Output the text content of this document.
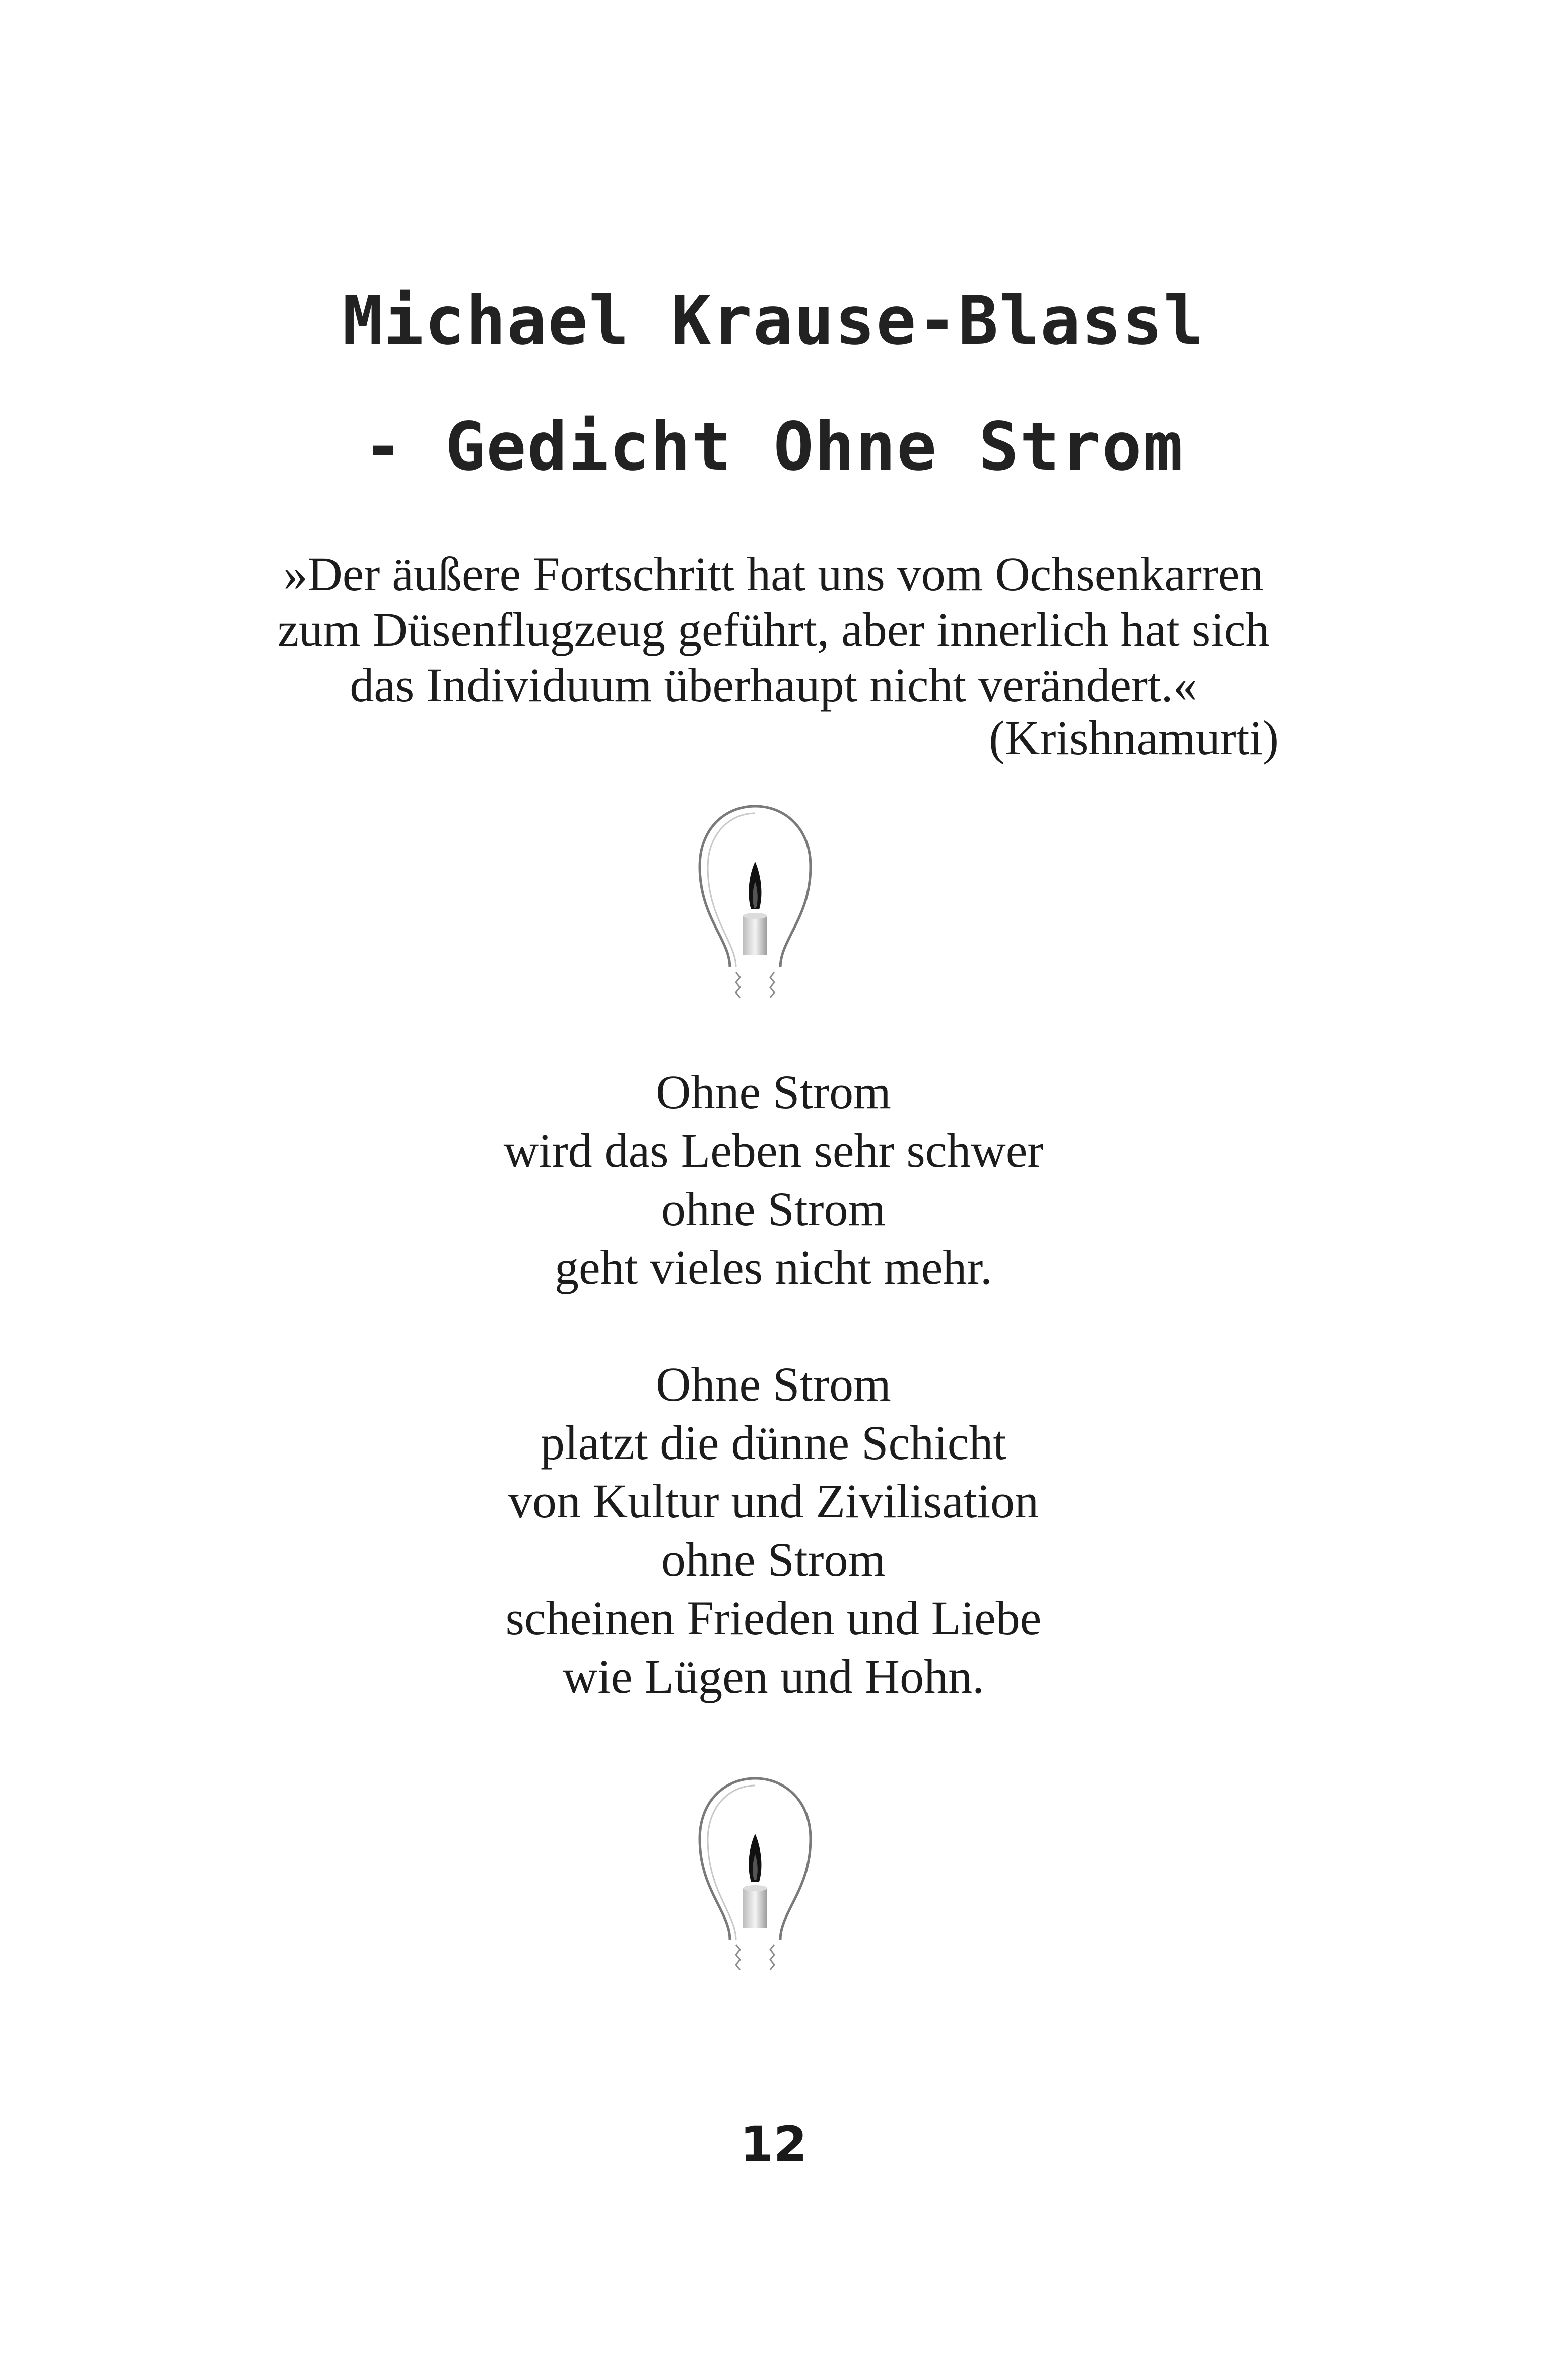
Michael Krause-Blassl
- Gedicht Ohne Strom
»Der äußere Fortschritt hat uns vom Ochsenkarren
zum Düsenflugzeug geführt, aber innerlich hat sich
das Individuum überhaupt nicht verändert.«
(Krishnamurti)
Ohne Strom
wird das Leben sehr schwer
ohne Strom
geht vieles nicht mehr.
Ohne Strom
platzt die dünne Schicht
von Kultur und Zivilisation
ohne Strom
scheinen Frieden und Liebe
wie Lügen und Hohn.
12
